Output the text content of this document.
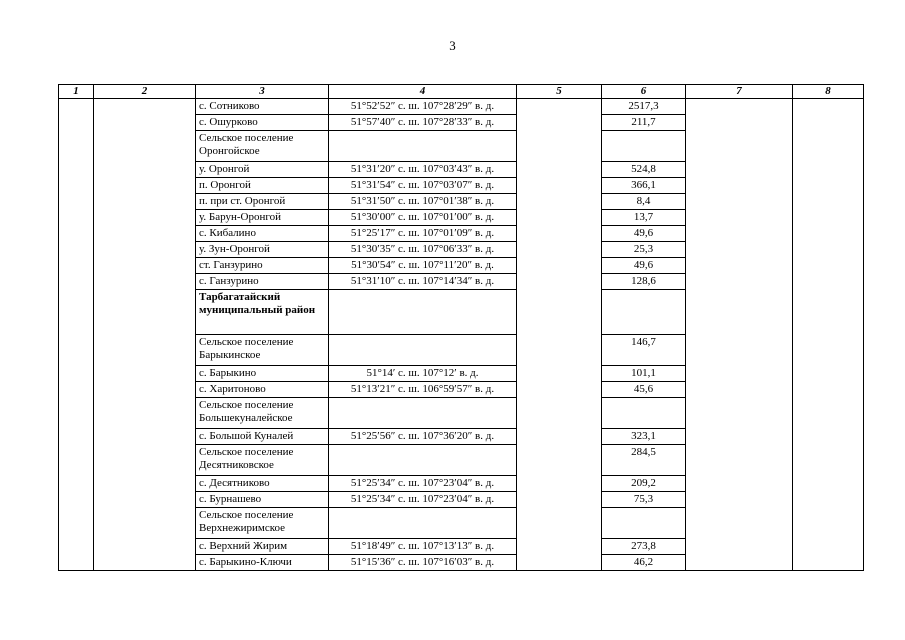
3
1	2	3	4	5	6	7	8
		с. Сотниково	51°52′52″ с. ш. 107°28′29″ в. д.		2517,3		
		с. Ошурково	51°57′40″ с. ш. 107°28′33″ в. д.		211,7		
		Сельское поселение Оронгойское					
		у. Оронгой	51°31′20″ с. ш. 107°03′43″ в. д.		524,8		
		п. Оронгой	51°31′54″ с. ш. 107°03′07″ в. д.		366,1		
		п. при ст. Оронгой	51°31′50″ с. ш. 107°01′38″ в. д.		8,4		
		у. Барун-Оронгой	51°30′00″ с. ш. 107°01′00″ в. д.		13,7		
		с. Кибалино	51°25′17″ с. ш. 107°01′09″ в. д.		49,6		
		у. Зун-Оронгой	51°30′35″ с. ш. 107°06′33″ в. д.		25,3		
		ст. Ганзурино	51°30′54″ с. ш. 107°11′20″ в. д.		49,6		
		с. Ганзурино	51°31′10″ с. ш. 107°14′34″ в. д.		128,6		
		Тарбагатайский муниципальный район					
		Сельское поселение Барыкинское			146,7		
		с. Барыкино	51°14′ с. ш. 107°12′ в. д.		101,1		
		с. Харитоново	51°13′21″ с. ш. 106°59′57″ в. д.		45,6		
		Сельское поселение Большекуналейское					
		с. Большой Куналей	51°25′56″ с. ш. 107°36′20″ в. д.		323,1		
		Сельское поселение Десятниковское			284,5		
		с. Десятниково	51°25′34″ с. ш. 107°23′04″ в. д.		209,2		
		с. Бурнашево	51°25′34″ с. ш. 107°23′04″ в. д.		75,3		
		Сельское поселение Верхнежиримское					
		с. Верхний Жирим	51°18′49″ с. ш. 107°13′13″ в. д.		273,8		
		с. Барыкино-Ключи	51°15′36″ с. ш. 107°16′03″ в. д.		46,2		
